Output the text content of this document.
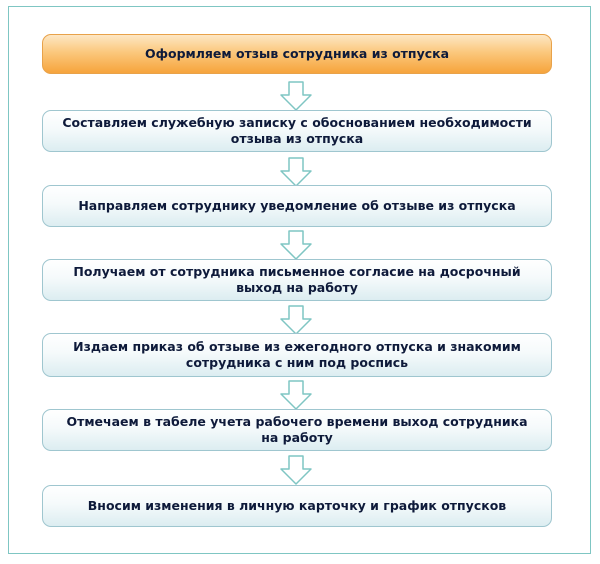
Оформляем отзыв сотрудника из отпуска
Составляем служебную записку с обоснованием необходимости отзыва из отпуска
Направляем сотруднику уведомление об отзыве из отпуска
Получаем от сотрудника письменное согласие на досрочный выход на работу
Издаем приказ об отзыве из ежегодного отпуска и знакомим сотрудника с ним под роспись
Отмечаем в табеле учета рабочего времени выход сотрудника на работу
Вносим изменения в личную карточку и график отпусков
